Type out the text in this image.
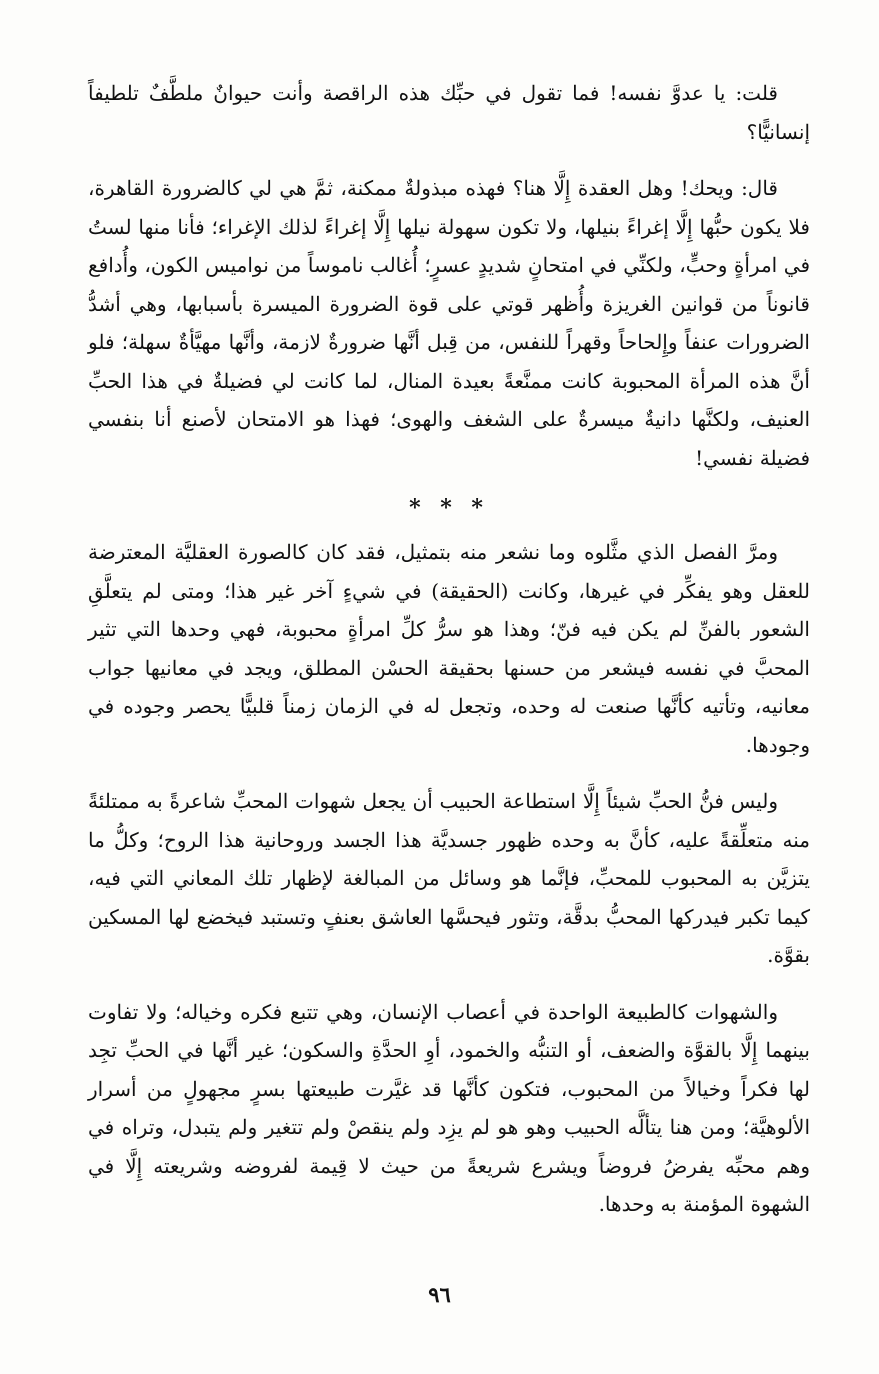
قلت: يا عدوَّ نفسه! فما تقول في حبِّك هذه الراقصة وأنت حيوانٌ ملطَّفٌ تلطيفاً إنسانيًّا؟

قال: ويحك! وهل العقدة إِلَّا هنا؟ فهذه مبذولةٌ ممكنة، ثمَّ هي لي كالضرورة القاهرة، فلا يكون حبُّها إِلَّا إغراءً بنيلها، ولا تكون سهولة نيلها إِلَّا إغراءً لذلك الإغراء؛ فأنا منها لستُ في امرأةٍ وحبٍّ، ولكنِّي في امتحانٍ شديدٍ عسرٍ؛ أُغالب ناموساً من نواميس الكون، وأُدافع قانوناً من قوانين الغريزة وأُظهر قوتي على قوة الضرورة الميسرة بأسبابها، وهي أشدُّ الضرورات عنفاً وإِلحاحاً وقهراً للنفس، من قِبل أنَّها ضرورةٌ لازمة، وأنَّها مهيَّأةٌ سهلة؛ فلو أنَّ هذه المرأة المحبوبة كانت ممنَّعةً بعيدة المنال، لما كانت لي فضيلةٌ في هذا الحبِّ العنيف، ولكنَّها دانيةٌ ميسرةٌ على الشغف والهوى؛ فهذا هو الامتحان لأصنع أنا بنفسي فضيلة نفسي!

* * *

ومرَّ الفصل الذي مثَّلوه وما نشعر منه بتمثيل، فقد كان كالصورة العقليَّة المعترضة للعقل وهو يفكِّر في غيرها، وكانت (الحقيقة) في شيءٍ آخر غير هذا؛ ومتى لم يتعلَّقِ الشعور بالفنِّ لم يكن فيه فنّ؛ وهذا هو سرُّ كلِّ امرأةٍ محبوبة، فهي وحدها التي تثير المحبَّ في نفسه فيشعر من حسنها بحقيقة الحسْن المطلق، ويجد في معانيها جواب معانيه، وتأتيه كأنَّها صنعت له وحده، وتجعل له في الزمان زمناً قلبيًّا يحصر وجوده في وجودها.

وليس فنُّ الحبِّ شيئاً إِلَّا استطاعة الحبيب أن يجعل شهوات المحبِّ شاعرةً به ممتلئةً منه متعلِّقةً عليه، كأنَّ به وحده ظهور جسديَّة هذا الجسد وروحانية هذا الروح؛ وكلُّ ما يتزيَّن به المحبوب للمحبِّ، فإنَّما هو وسائل من المبالغة لإظهار تلك المعاني التي فيه، كيما تكبر فيدركها المحبُّ بدقَّة، وتثور فيحسَّها العاشق بعنفٍ وتستبد فيخضع لها المسكين بقوَّة.

والشهوات كالطبيعة الواحدة في أعصاب الإنسان، وهي تتبع فكره وخياله؛ ولا تفاوت بينهما إِلَّا بالقوَّة والضعف، أو التنبُّه والخمود، أوِ الحدَّةِ والسكون؛ غير أنَّها في الحبِّ تجِد لها فكراً وخيالاً من المحبوب، فتكون كأنَّها قد غيَّرت طبيعتها بسرٍ مجهولٍ من أسرار الألوهيَّة؛ ومن هنا يتألَّه الحبيب وهو هو لم يزِد ولم ينقصْ ولم تتغير ولم يتبدل، وتراه في وهم محبِّه يفرضُ فروضاً ويشرع شريعةً من حيث لا قِيمة لفروضه وشريعته إِلَّا في الشهوة المؤمنة به وحدها.

٩٦
